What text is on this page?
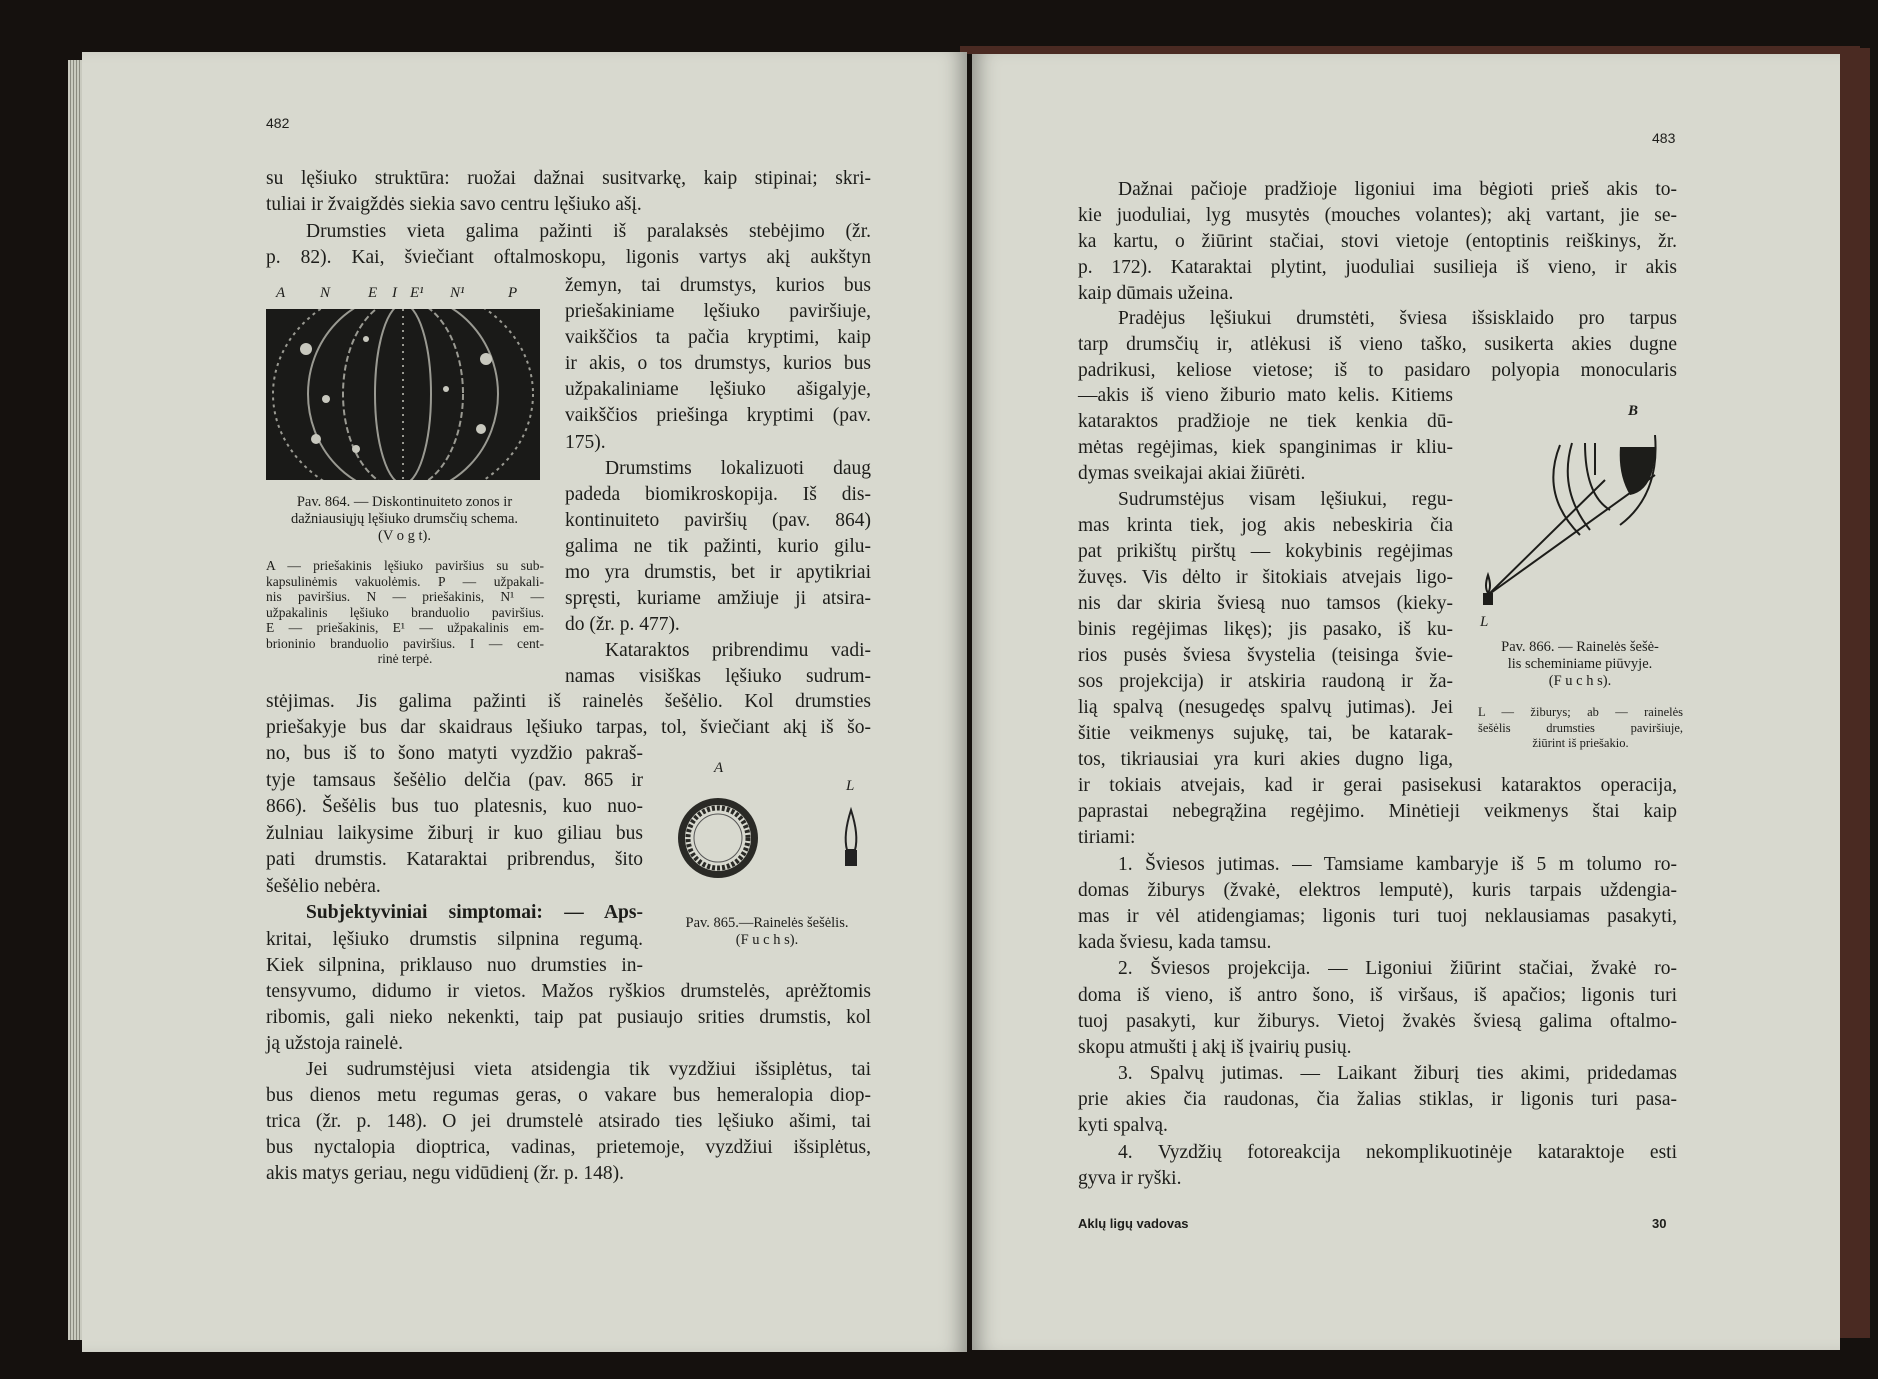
482
483
su lęšiuko struktūra: ruožai dažnai susitvarkę, kaip stipinai; skri-
tuliai ir žvaigždės siekia savo centru lęšiuko ašį.
Drumsties vieta galima pažinti iš paralaksės stebėjimo (žr.
p. 82). Kai, šviečiant oftalmoskopu, ligonis vartys akį aukštyn
žemyn, tai drumstys, kurios bus
priešakiniame lęšiuko paviršiuje,
vaikščios ta pačia kryptimi, kaip
ir akis, o tos drumstys, kurios bus
užpakaliniame lęšiuko ašigalyje,
vaikščios priešinga kryptimi (pav.
175).
Drumstims lokalizuoti daug
padeda biomikroskopija. Iš dis-
kontinuiteto paviršių (pav. 864)
galima ne tik pažinti, kurio gilu-
mo yra drumstis, bet ir apytikriai
spręsti, kuriame amžiuje ji atsira-
do (žr. p. 477).
Kataraktos pribrendimu vadi-
namas visiškas lęšiuko sudrum-
stėjimas. Jis galima pažinti iš rainelės šešėlio. Kol drumsties
priešakyje bus dar skaidraus lęšiuko tarpas, tol, šviečiant akį iš šo-
no, bus iš to šono matyti vyzdžio pakraš-
tyje tamsaus šešėlio delčia (pav. 865 ir
866). Šešėlis bus tuo platesnis, kuo nuo-
žulniau laikysime žiburį ir kuo giliau bus
pati drumstis. Kataraktai pribrendus, šito
šešėlio nebėra.
Subjektyviniai simptomai: — Aps-
kritai, lęšiuko drumstis silpnina regumą.
Kiek silpnina, priklauso nuo drumsties in-
tensyvumo, didumo ir vietos. Mažos ryškios drumstelės, aprėžtomis
ribomis, gali nieko nekenkti, taip pat pusiaujo srities drumstis, kol
ją užstoja rainelė.
Jei sudrumstėjusi vieta atsidengia tik vyzdžiui išsiplėtus, tai
bus dienos metu regumas geras, o vakare bus hemeralopia diop-
trica (žr. p. 148). O jei drumstelė atsirado ties lęšiuko ašimi, tai
bus nyctalopia dioptrica, vadinas, prietemoje, vyzdžiui išsiplėtus,
akis matys geriau, negu vidūdienį (žr. p. 148).
Dažnai pačioje pradžioje ligoniui ima bėgioti prieš akis to-
kie juoduliai, lyg musytės (mouches volantes); akį vartant, jie se-
ka kartu, o žiūrint stačiai, stovi vietoje (entoptinis reiškinys, žr.
p. 172). Kataraktai plytint, juoduliai susilieja iš vieno, ir akis
kaip dūmais užeina.
Pradėjus lęšiukui drumstėti, šviesa išsisklaido pro tarpus
tarp drumsčių ir, atlėkusi iš vieno taško, susikerta akies dugne
padrikusi, keliose vietose; iš to pasidaro polyopia monocularis
—akis iš vieno žiburio mato kelis. Kitiems
kataraktos pradžioje ne tiek kenkia dū-
mėtas regėjimas, kiek spanginimas ir kliu-
dymas sveikajai akiai žiūrėti.
Sudrumstėjus visam lęšiukui, regu-
mas krinta tiek, jog akis nebeskiria čia
pat prikištų pirštų — kokybinis regėjimas
žuvęs. Vis dėlto ir šitokiais atvejais ligo-
nis dar skiria šviesą nuo tamsos (kieky-
binis regėjimas likęs); jis pasako, iš ku-
rios pusės šviesa švystelia (teisinga švie-
sos projekcija) ir atskiria raudoną ir ža-
lią spalvą (nesugedęs spalvų jutimas). Jei
šitie veikmenys sujukę, tai, be katarak-
tos, tikriausiai yra kuri akies dugno liga,
ir tokiais atvejais, kad ir gerai pasisekusi kataraktos operacija,
paprastai nebegrąžina regėjimo. Minėtieji veikmenys štai kaip
tiriami:
1. Šviesos jutimas. — Tamsiame kambaryje iš 5 m tolumo ro-
domas žiburys (žvakė, elektros lemputė), kuris tarpais uždengia-
mas ir vėl atidengiamas; ligonis turi tuoj neklausiamas pasakyti,
kada šviesu, kada tamsu.
2. Šviesos projekcija. — Ligoniui žiūrint stačiai, žvakė ro-
doma iš vieno, iš antro šono, iš viršaus, iš apačios; ligonis turi
tuoj pasakyti, kur žiburys. Vietoj žvakės šviesą galima oftalmo-
skopu atmušti į akį iš įvairių pusių.
3. Spalvų jutimas. — Laikant žiburį ties akimi, pridedamas
prie akies čia raudonas, čia žalias stiklas, ir ligonis turi pasa-
kyti spalvą.
4. Vyzdžių fotoreakcija nekomplikuotinėje kataraktoje esti
gyva ir ryški.
A N	E I E¹ N¹	P
Pav. 864. — Diskontinuiteto zonos ir
dažniausiųjų lęšiuko drumsčių schema.
(V o g t).
A — priešakinis lęšiuko paviršius su sub-
kapsulinėmis vakuolėmis. P — užpakali-
nis paviršius. N — priešakinis, N¹ —
užpakalinis lęšiuko branduolio paviršius.
E — priešakinis, E¹ — užpakalinis em-
brioninio branduolio paviršius. I — cent-
rinė terpė.
A
L
Pav. 865.—Rainelės šešėlis.
(F u c h s).
B
L
Pav. 866. — Rainelės šešė-
lis scheminiame piūvyje.
(F u c h s).
L — žiburys; ab — rainelės
šešėlis drumsties paviršiuje,
žiūrint iš priešakio.
Aklų ligų vadovas	30
